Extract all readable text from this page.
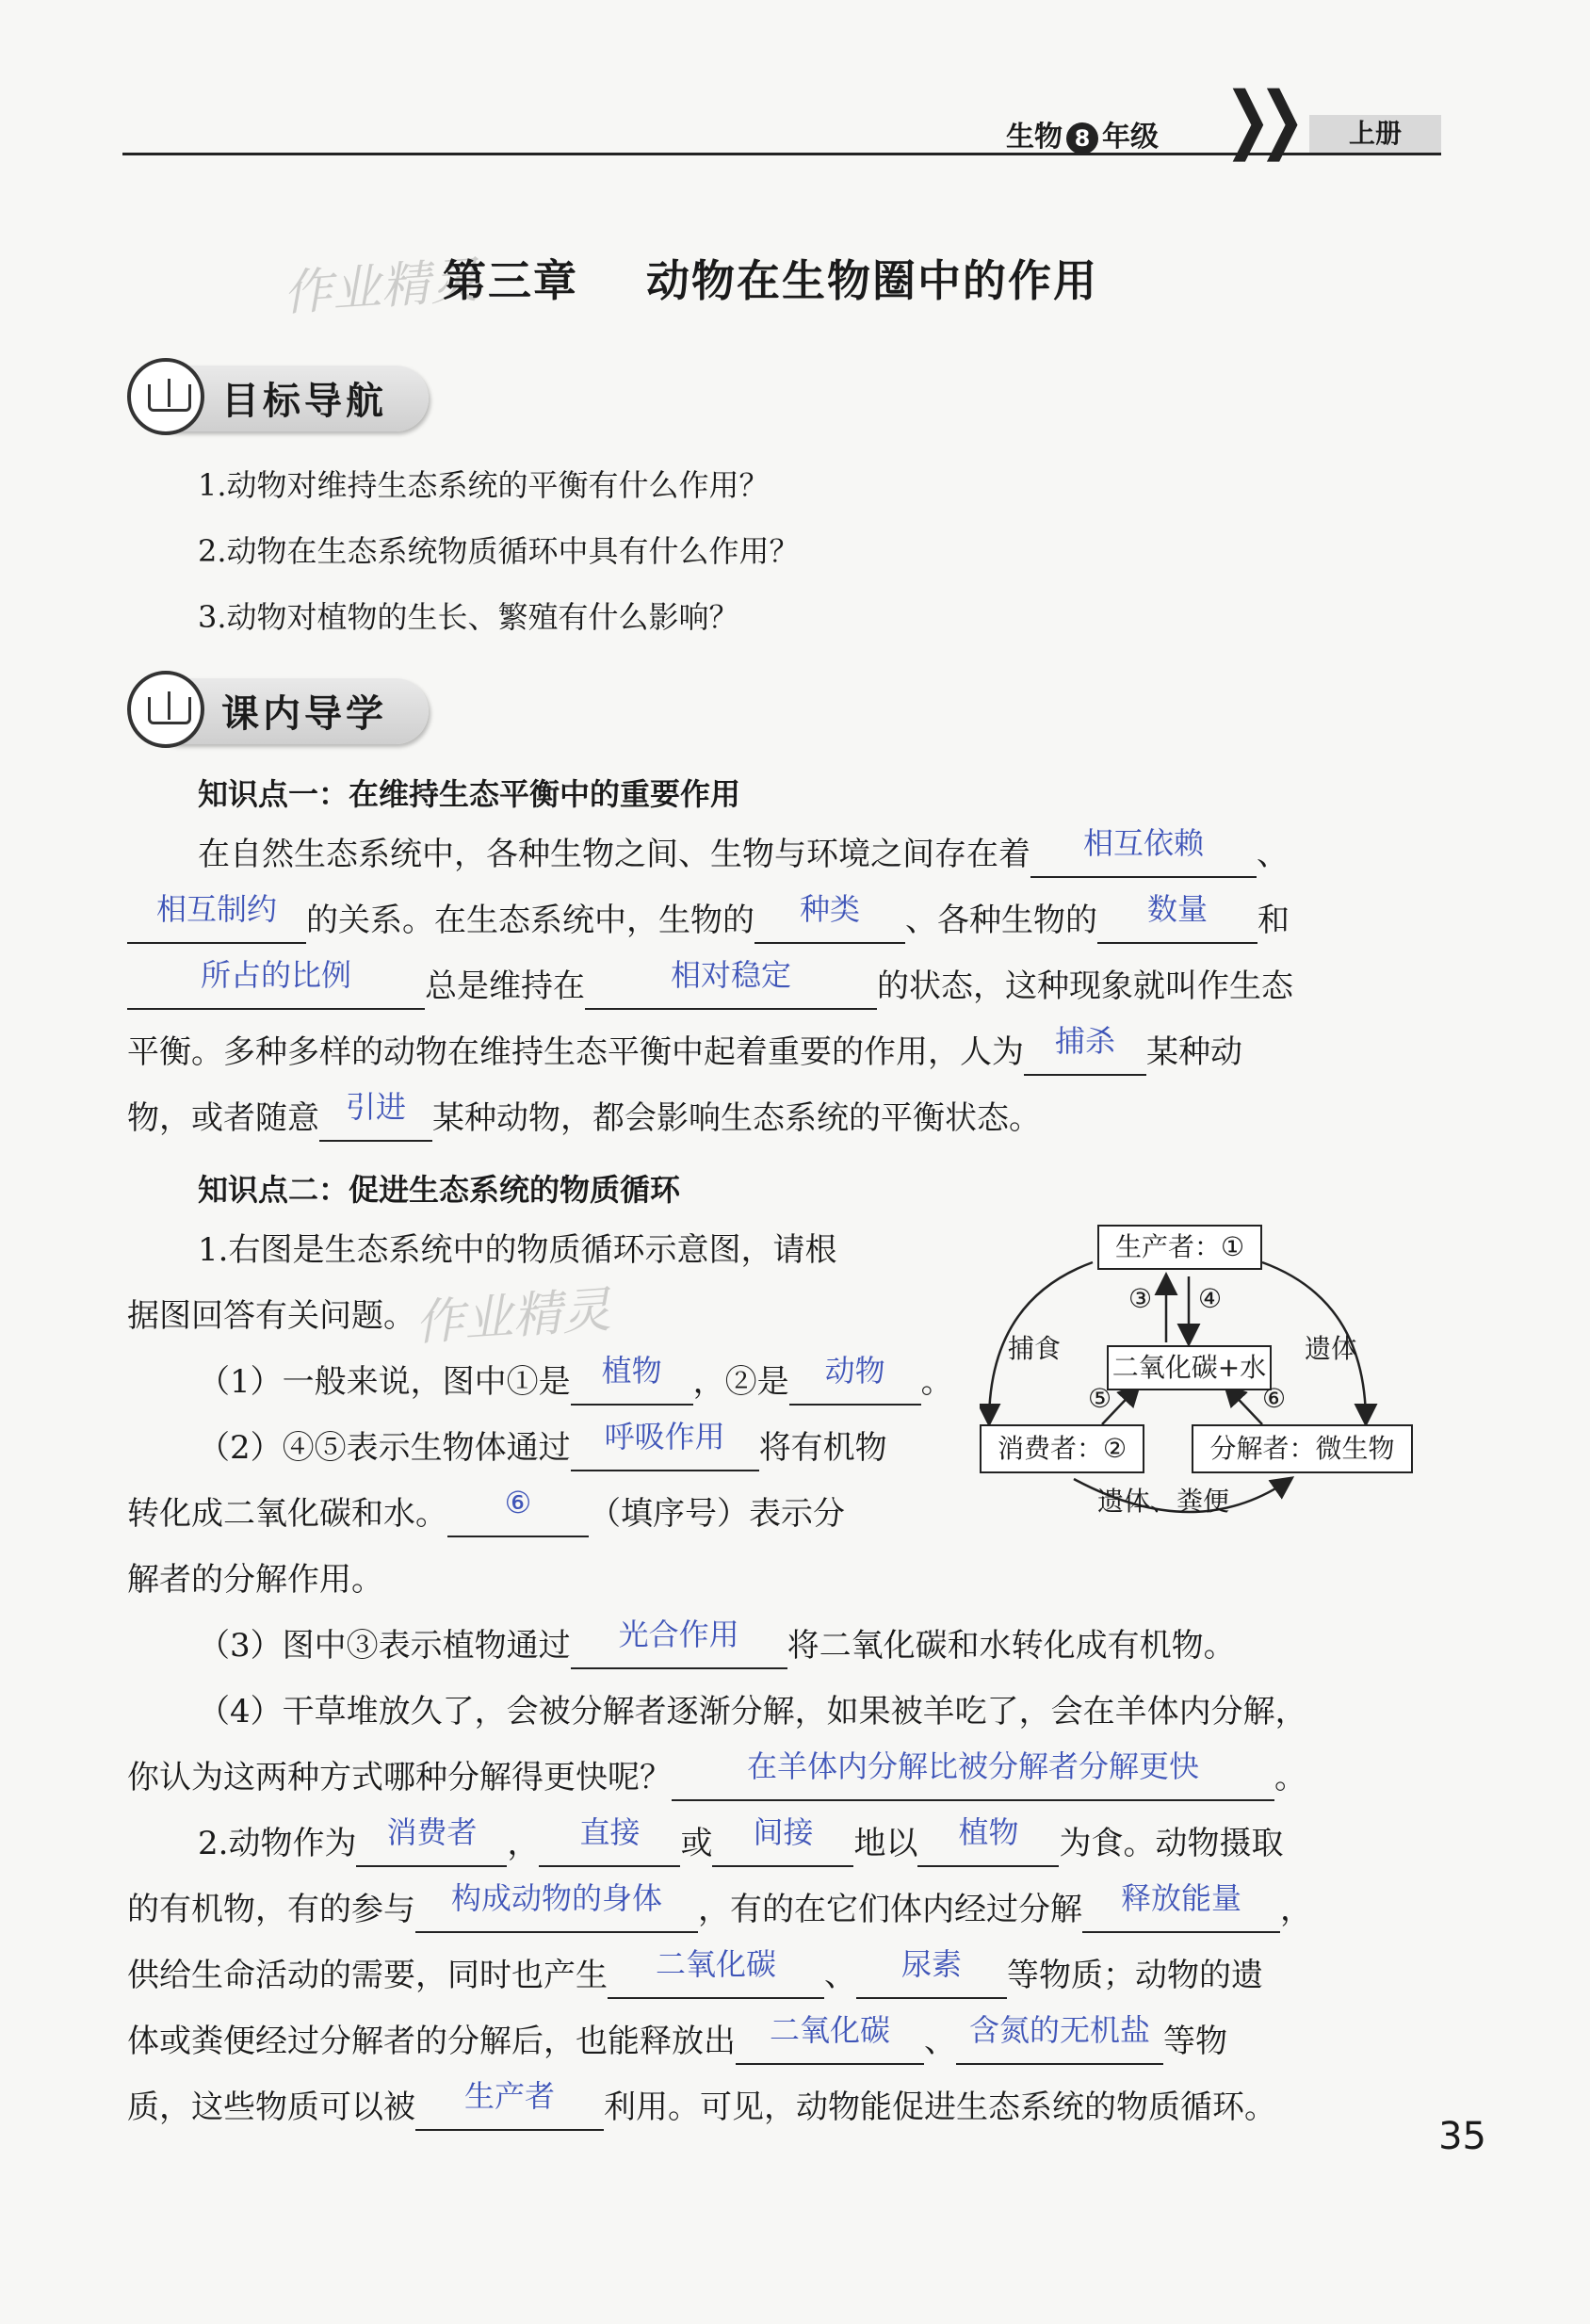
生物 8 年级 ❯❯	上册
作业精灵
第三章    动物在生物圈中的作用
目标导航
1.动物对维持生态系统的平衡有什么作用？
2.动物在生态系统物质循环中具有什么作用？
3.动物对植物的生长、繁殖有什么影响？
课内导学
知识点一：在维持生态平衡中的重要作用
在自然生态系统中，各种生物之间、生物与环境之间存在着	相互依赖	、
相互制约 的关系。在生态系统中，生物的	种类	、各种生物的	数量	和
所占的比例	总是维持在	相对稳定	的状态，这种现象就叫作生态
平衡。多种多样的动物在维持生态平衡中起着重要的作用，人为	捕杀 某种动
物，或者随意 引进 某种动物，都会影响生态系统的平衡状态。
知识点二：促进生态系统的物质循环
1.右图是生态系统中的物质循环示意图，请根
据图回答有关问题。
作业精灵
（1）一般来说，图中①是	植物 ，②是	动物	。
（2）④⑤表示生物体通过	呼吸作用	将有机物
转化成二氧化碳和水。	⑥	（填序号）表示分
解者的分解作用。
（3）图中③表示植物通过	光合作用	将二氧化碳和水转化成有机物。
（4）干草堆放久了，会被分解者逐渐分解，如果被羊吃了，会在羊体内分解，
你认为这两种方式哪种分解得更快呢？	在羊体内分解比被分解者分解更快	。
2.动物作为 消费者 ，	直接	或	间接	地以	植物	为食。动物摄取
的有机物，有的参与	构成动物的身体	，有的在它们体内经过分解	释放能量	，
供给生命活动的需要，同时也产生	二氧化碳	、	尿素	等物质；动物的遗
体或粪便经过分解者的分解后，也能释放出	二氧化碳	、 含氮的无机盐 等物
质，这些物质可以被	生产者	利用。可见，动物能促进生态系统的物质循环。
生产者：①
二氧化碳+水
消费者：②	分解者：微生物
③ ④
⑤	⑥
捕食	遗体
遗体、粪便
35
